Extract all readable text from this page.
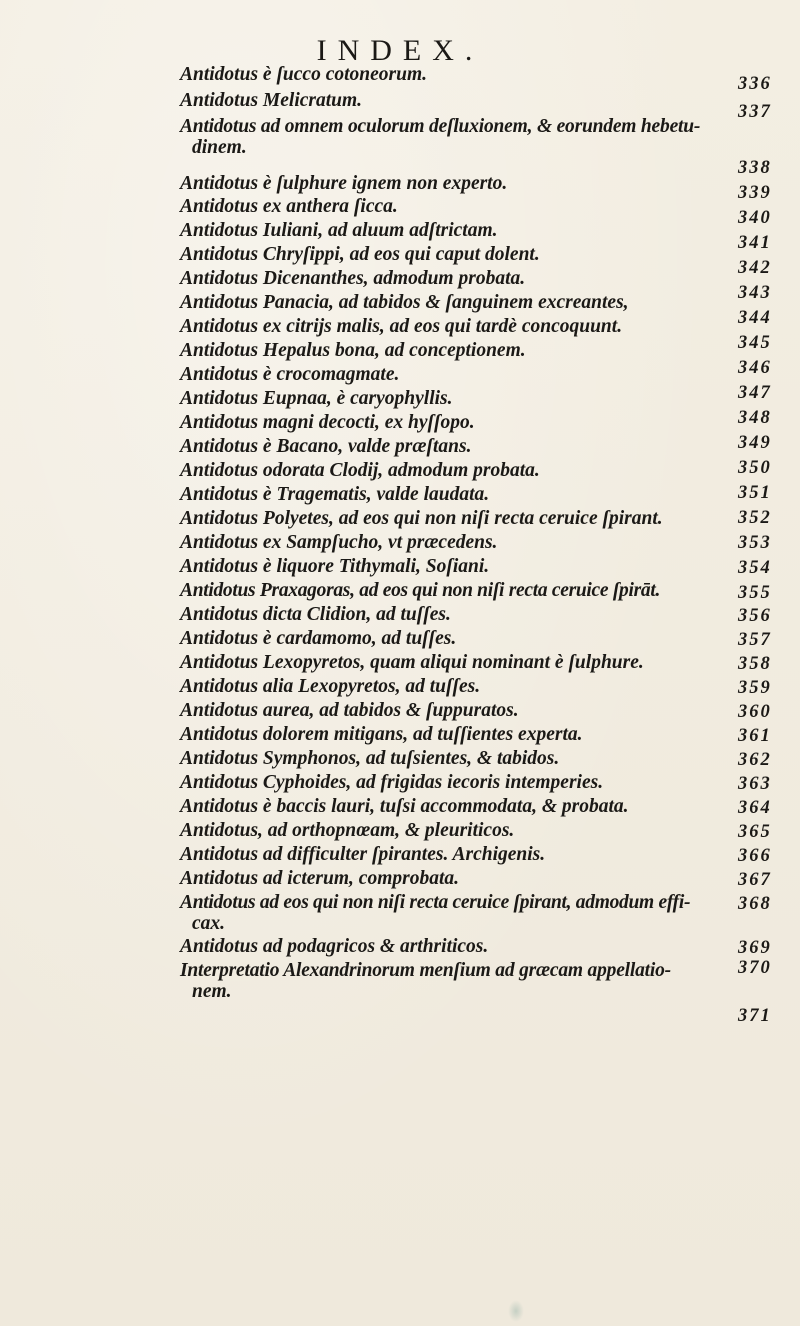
INDEX.
Antidotus è ſucco cotoneorum.	336
Antidotus Melicratum.
337
Antidotus ad omnem oculorum deſluxionem, & eorundem hebetu-
dinem.
338
Antidotus è ſulphure ignem non experto.	339
Antidotus ex anthera ſicca.
340
Antidotus Iuliani, ad aluum adſtrictam.
341
Antidotus Chryſippi, ad eos qui caput dolent.
342
Antidotus Dicenanthes, admodum probata.
343
Antidotus Panacia, ad tabidos & ſanguinem excreantes,
344
Antidotus ex citrijs malis, ad eos qui tardè concoquunt.
345
Antidotus Hepalus bona, ad conceptionem.
346
Antidotus è crocomagmate.
347
Antidotus Eupnaa, è caryophyllis.
348
Antidotus magni decocti, ex hyſſopo.
349
Antidotus è Bacano, valde præſtans.
350
Antidotus odorata Clodij, admodum probata.
351
Antidotus è Tragematis, valde laudata.
352
Antidotus Polyetes, ad eos qui non niſi recta ceruice ſpirant.
353
Antidotus ex Sampſucho, vt præcedens.
354
Antidotus è liquore Tithymali, Soſiani.
355
Antidotus Praxagoras, ad eos qui non niſi recta ceruice ſpirāt.
356
Antidotus dicta Clidion, ad tuſſes.
357
Antidotus è cardamomo, ad tuſſes.
358
Antidotus Lexopyretos, quam aliqui nominant è ſulphure.
359
Antidotus alia Lexopyretos, ad tuſſes.
360
Antidotus aurea, ad tabidos & ſuppuratos.
361
Antidotus dolorem mitigans, ad tuſſientes experta.
362
Antidotus Symphonos, ad tuſsientes, & tabidos.
363
Antidotus Cyphoides, ad frigidas iecoris intemperies.
364
Antidotus è baccis lauri, tuſsi accommodata, & probata.
365
Antidotus, ad orthopnœam, & pleuriticos.
366
Antidotus ad difficulter ſpirantes. Archigenis.
367
Antidotus ad icterum, comprobata.
368
Antidotus ad eos qui non niſi recta ceruice ſpirant, admodum effi-
cax.
369
Antidotus ad podagricos & arthriticos.
370
Interpretatio Alexandrinorum menſium ad græcam appellatio-
nem.
371
